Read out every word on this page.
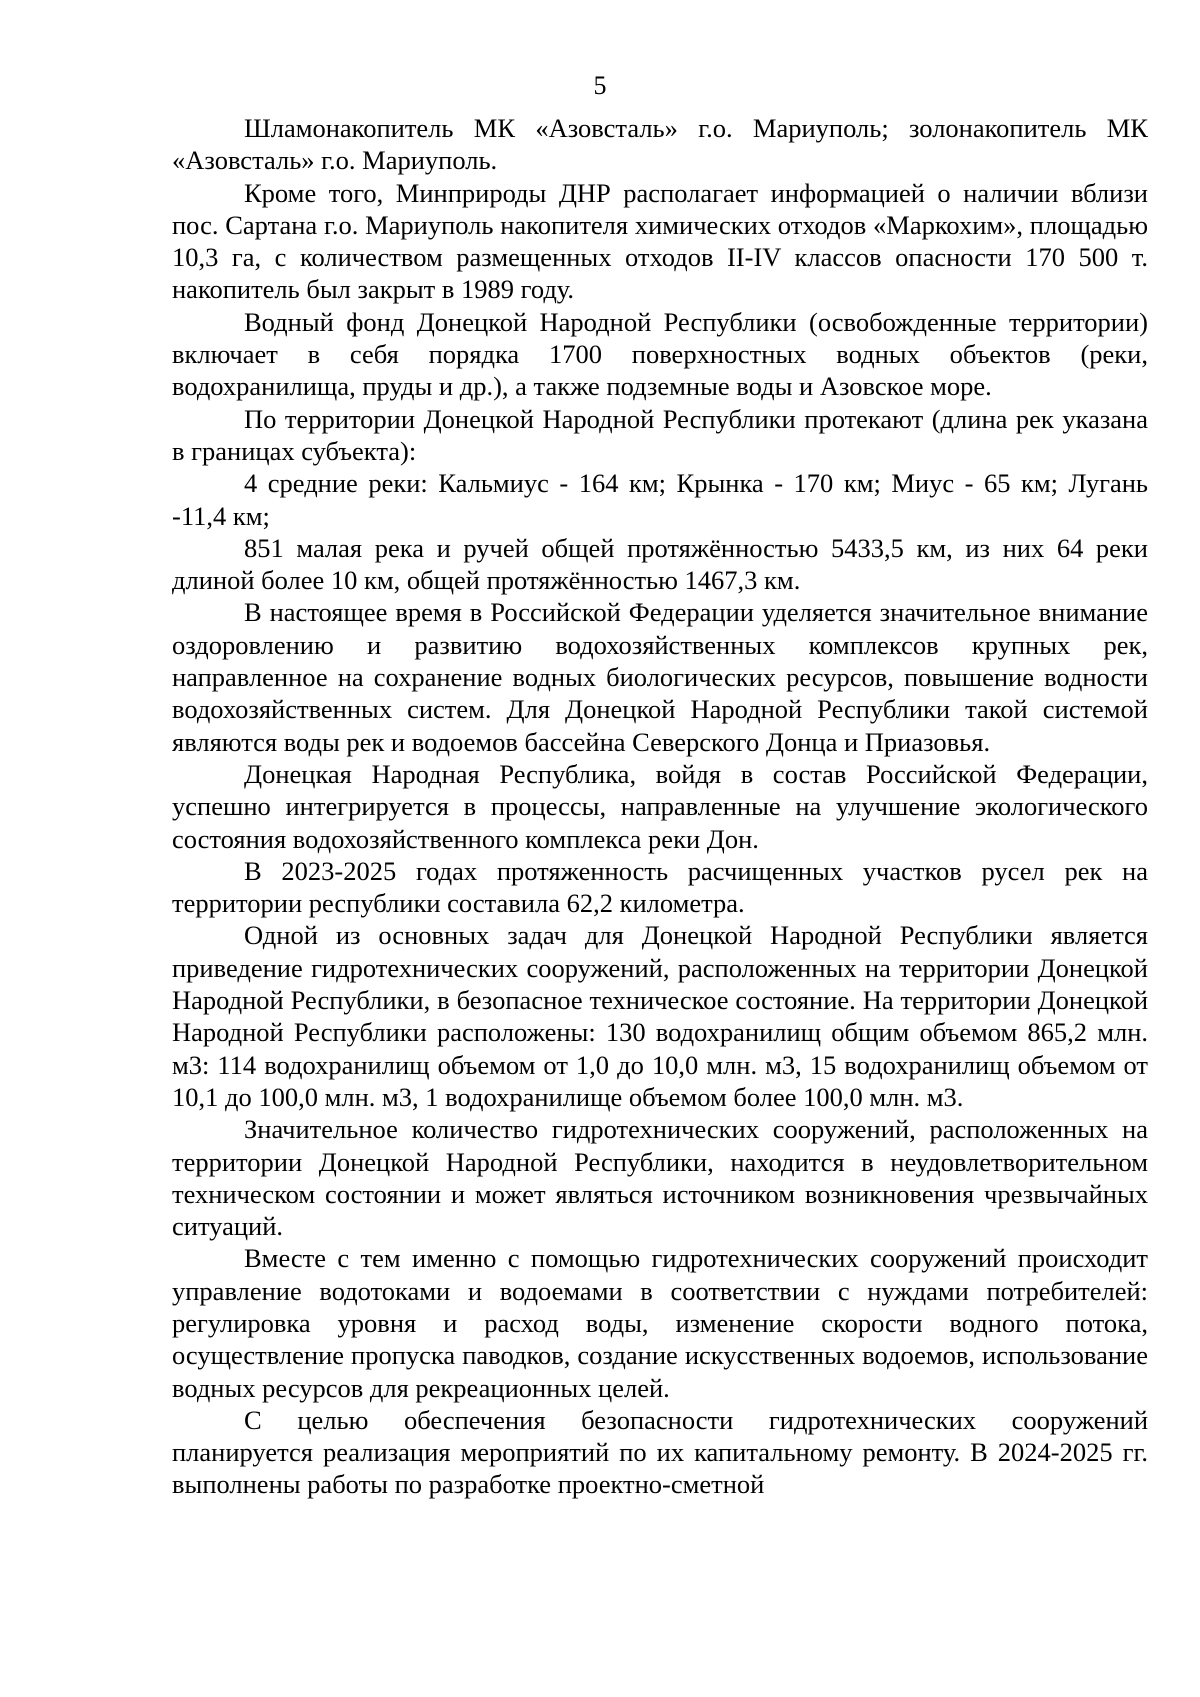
5

Шламонакопитель МК «Азовсталь» г.о. Мариуполь; золонакопитель МК «Азовсталь» г.о. Мариуполь.

Кроме того, Минприроды ДНР располагает информацией о наличии вблизи пос. Сартана г.о. Мариуполь накопителя химических отходов «Маркохим», площадью 10,3 га, с количеством размещенных отходов II-IV классов опасности 170 500 т. накопитель был закрыт в 1989 году.

Водный фонд Донецкой Народной Республики (освобожденные территории) включает в себя порядка 1700 поверхностных водных объектов (реки, водохранилища, пруды и др.), а также подземные воды и Азовское море.

По территории Донецкой Народной Республики протекают (длина рек указана в границах субъекта):

4 средние реки: Кальмиус - 164 км; Крынка - 170 км; Миус - 65 км; Лугань -11,4 км;

851 малая река и ручей общей протяжённостью 5433,5 км, из них 64 реки длиной более 10 км, общей протяжённостью 1467,3 км.

В настоящее время в Российской Федерации уделяется значительное внимание оздоровлению и развитию водохозяйственных комплексов крупных рек, направленное на сохранение водных биологических ресурсов, повышение водности водохозяйственных систем. Для Донецкой Народной Республики такой системой являются воды рек и водоемов бассейна Северского Донца и Приазовья.

Донецкая Народная Республика, войдя в состав Российской Федерации, успешно интегрируется в процессы, направленные на улучшение экологического состояния водохозяйственного комплекса реки Дон.

В 2023-2025 годах протяженность расчищенных участков русел рек на территории республики составила 62,2 километра.

Одной из основных задач для Донецкой Народной Республики является приведение гидротехнических сооружений, расположенных на территории Донецкой Народной Республики, в безопасное техническое состояние. На территории Донецкой Народной Республики расположены: 130 водохранилищ общим объемом 865,2 млн. м3: 114 водохранилищ объемом от 1,0 до 10,0 млн. м3, 15 водохранилищ объемом от 10,1 до 100,0 млн. м3, 1 водохранилище объемом более 100,0 млн. м3.

Значительное количество гидротехнических сооружений, расположенных на территории Донецкой Народной Республики, находится в неудовлетворительном техническом состоянии и может являться источником возникновения чрезвычайных ситуаций.

Вместе с тем именно с помощью гидротехнических сооружений происходит управление водотоками и водоемами в соответствии с нуждами потребителей: регулировка уровня и расход воды, изменение скорости водного потока, осуществление пропуска паводков, создание искусственных водоемов, использование водных ресурсов для рекреационных целей.

С целью обеспечения безопасности гидротехнических сооружений планируется реализация мероприятий по их капитальному ремонту. В 2024-2025 гг. выполнены работы по разработке проектно-сметной
